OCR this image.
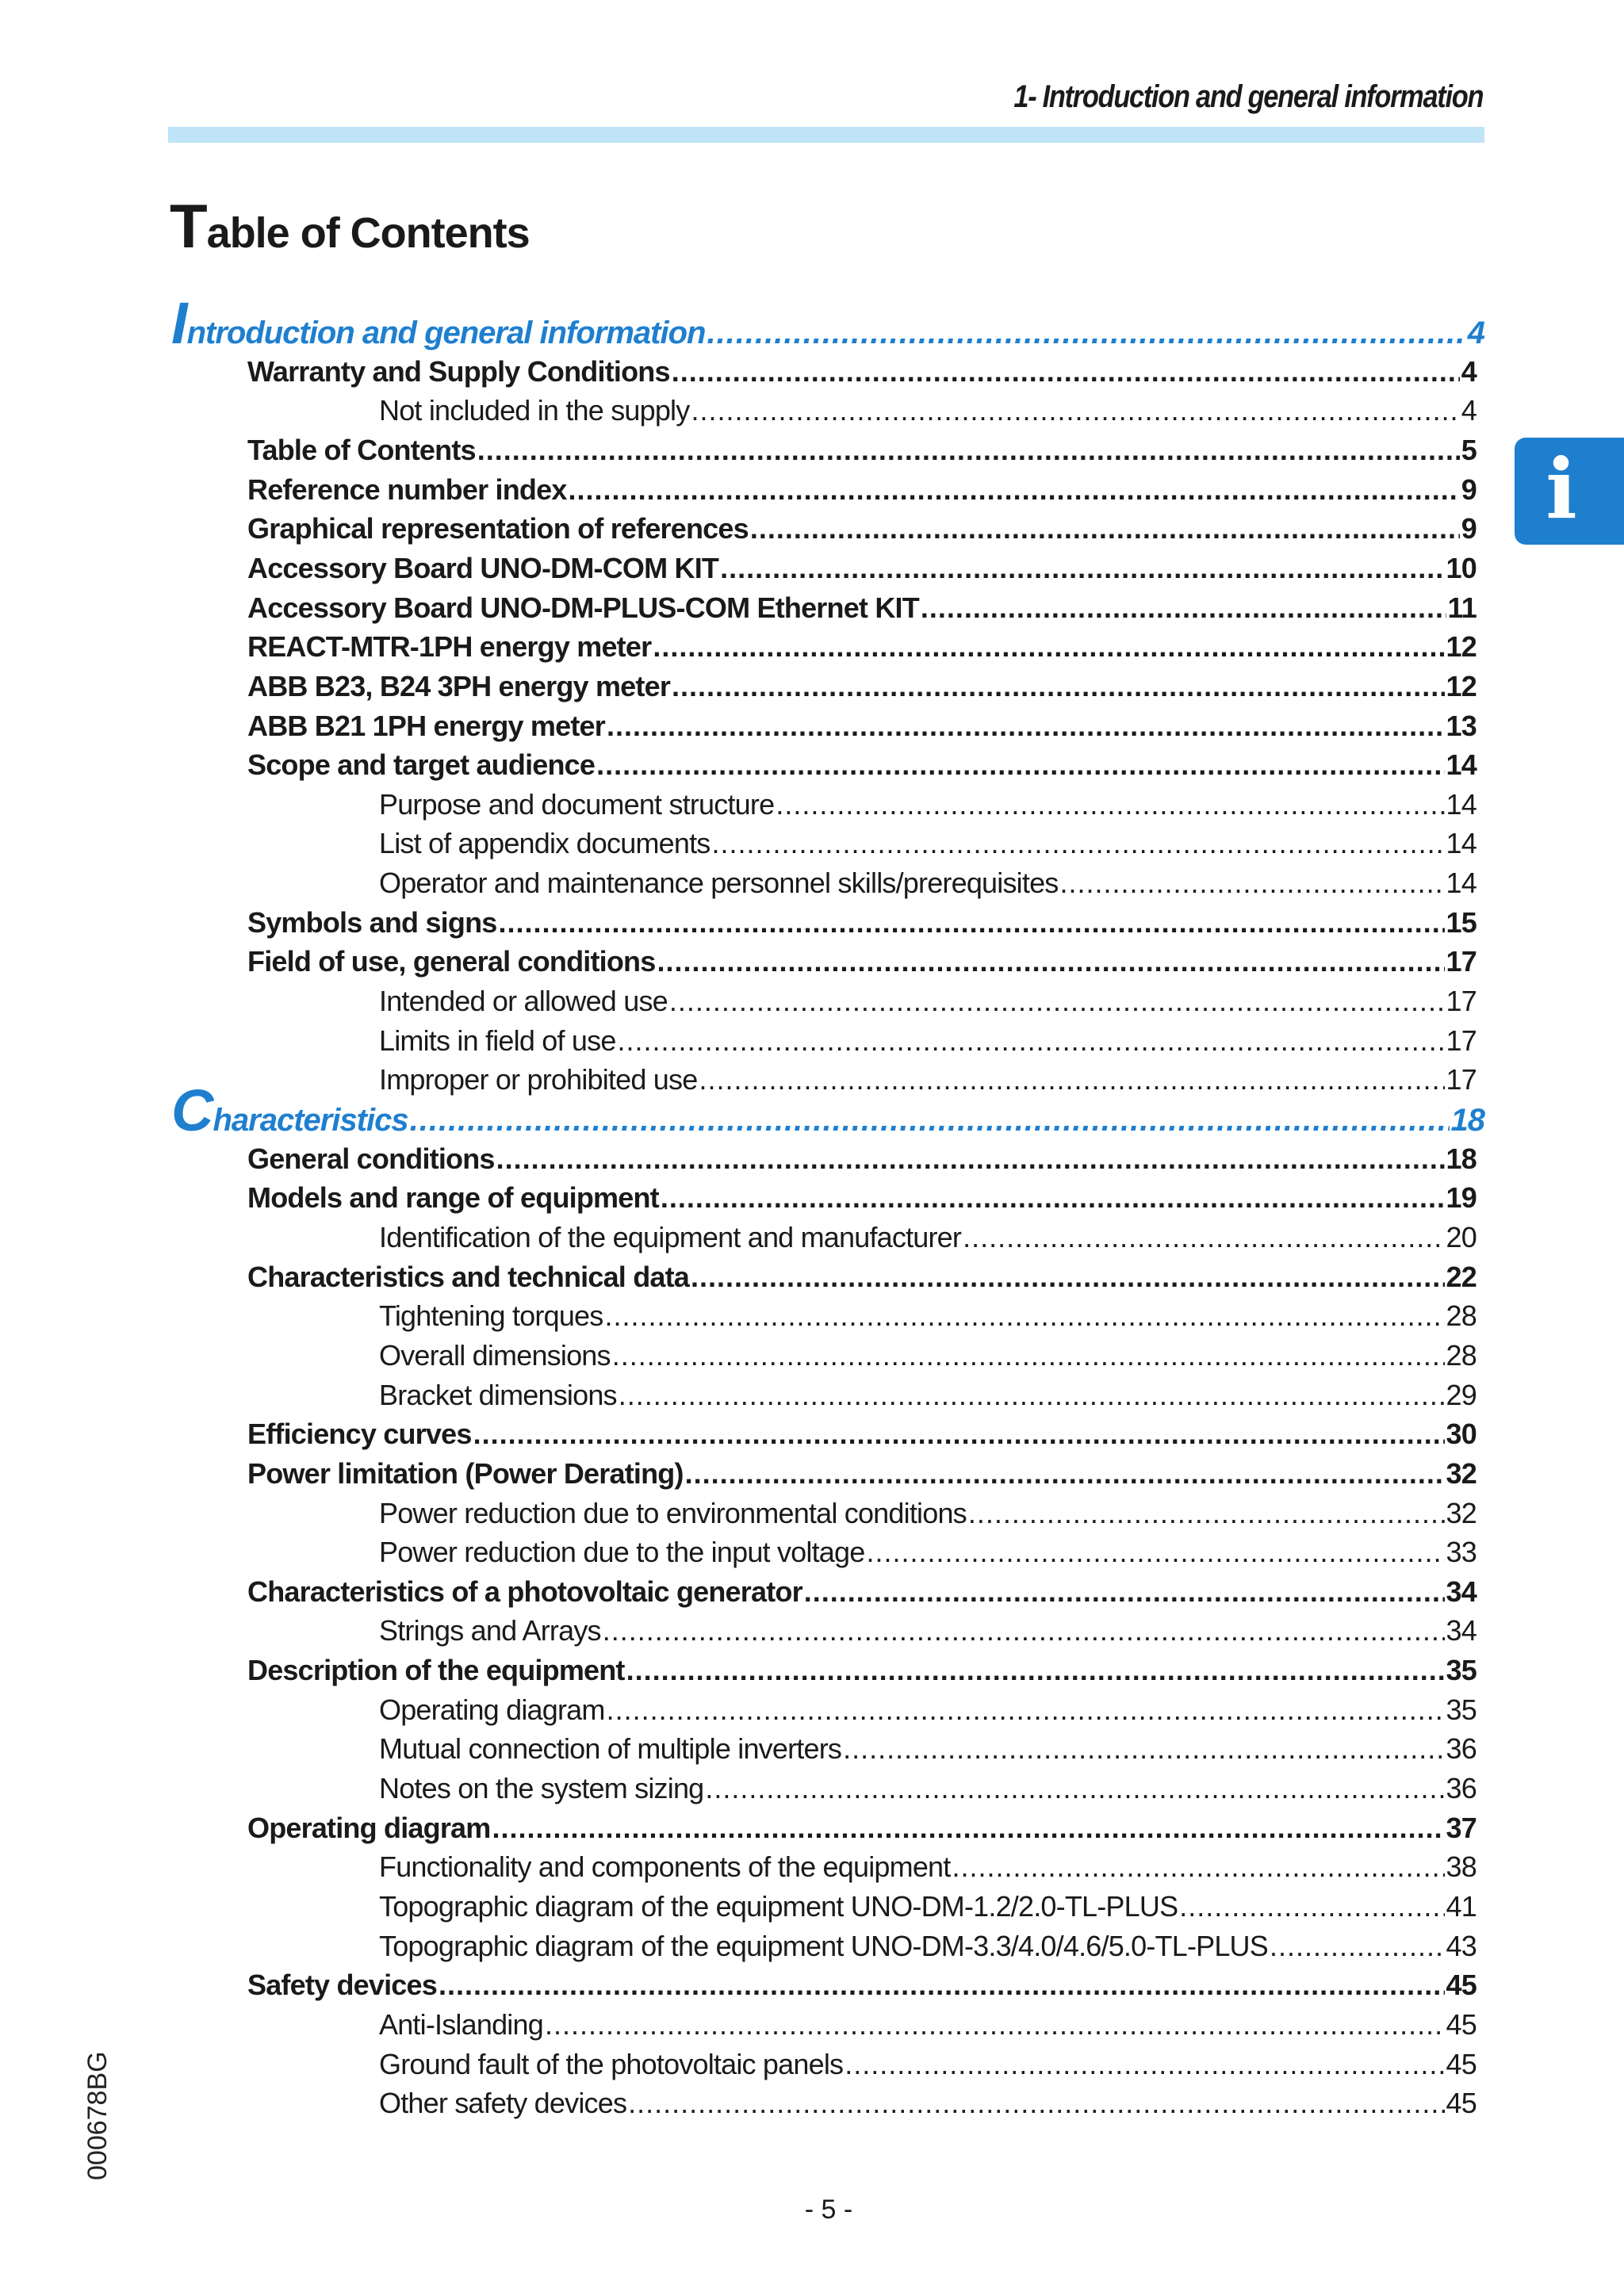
1- Introduction and general information
i
Table of Contents
Introduction and general information .....	4
Warranty and Supply Conditions .....	4
Not included in the supply .....	4
Table of Contents .....	5
Reference number index .....	9
Graphical representation of references .....	9
Accessory Board UNO-DM-COM KIT .....	10
Accessory Board UNO-DM-PLUS-COM Ethernet KIT .....	11
REACT-MTR-1PH energy meter .....	12
ABB B23, B24 3PH energy meter .....	12
ABB B21 1PH energy meter .....	13
Scope and target audience .....	14
Purpose and document structure .....	14
List of appendix documents .....	14
Operator and maintenance personnel skills/prerequisites .....	14
Symbols and signs .....	15
Field of use, general conditions .....	17
Intended or allowed use .....	17
Limits in field of use .....	17
Improper or prohibited use .....	17
Characteristics .....	18
General conditions .....	18
Models and range of equipment .....	19
Identification of the equipment and manufacturer .....	20
Characteristics and technical data .....	22
Tightening torques .....	28
Overall dimensions .....	28
Bracket dimensions .....	29
Efficiency curves .....	30
Power limitation (Power Derating) .....	32
Power reduction due to environmental conditions .....	32
Power reduction due to the input voltage .....	33
Characteristics of a photovoltaic generator .....	34
Strings and Arrays .....	34
Description of the equipment .....	35
Operating diagram .....	35
Mutual connection of multiple inverters .....	36
Notes on the system sizing .....	36
Operating diagram .....	37
Functionality and components of the equipment .....	38
Topographic diagram of the equipment UNO-DM-1.2/2.0-TL-PLUS .....	41
Topographic diagram of the equipment UNO-DM-3.3/4.0/4.6/5.0-TL-PLUS .....	43
Safety devices .....	45
Anti-Islanding .....	45
Ground fault of the photovoltaic panels .....	45
Other safety devices .....	45
000678BG
- 5 -
